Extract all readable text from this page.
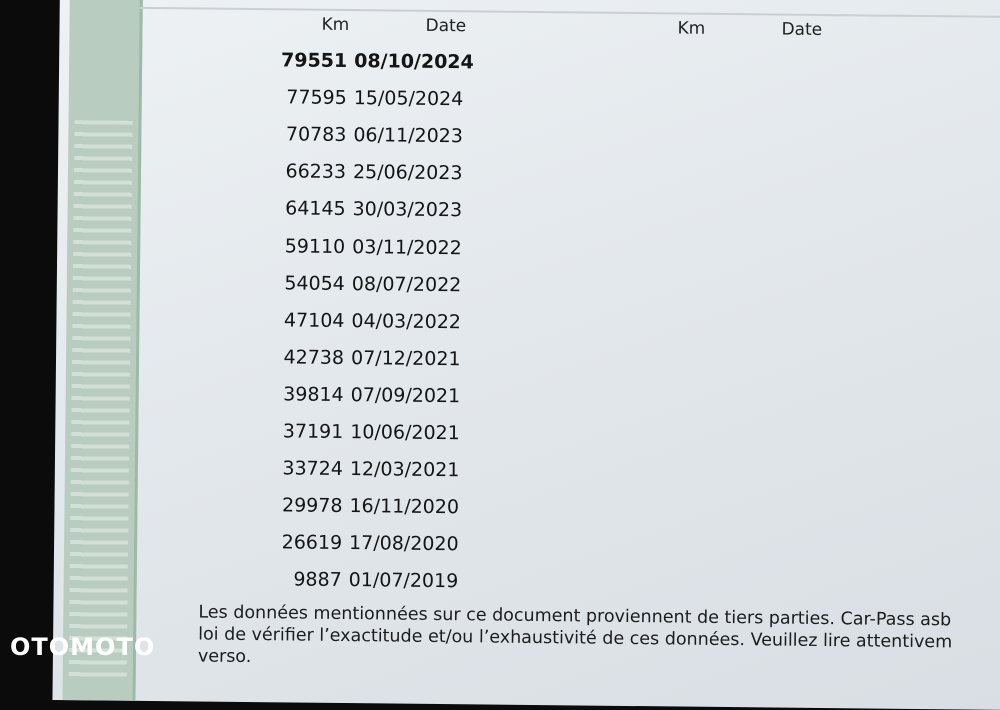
Km	Date	Km	Date
79551 08/10/2024
77595 15/05/2024
70783 06/11/2023
66233 25/06/2023
64145 30/03/2023
59110 03/11/2022
54054 08/07/2022
47104 04/03/2022
42738 07/12/2021
39814 07/09/2021
37191 10/06/2021
33724 12/03/2021
29978 16/11/2020
26619 17/08/2020
9887 01/07/2019
Les données mentionnées sur ce document proviennent de tiers parties. Car-Pass asb
loi de vérifier l’exactitude et/ou l’exhaustivité de ces données. Veuillez lire attentivem
verso.
OTOMOTO
